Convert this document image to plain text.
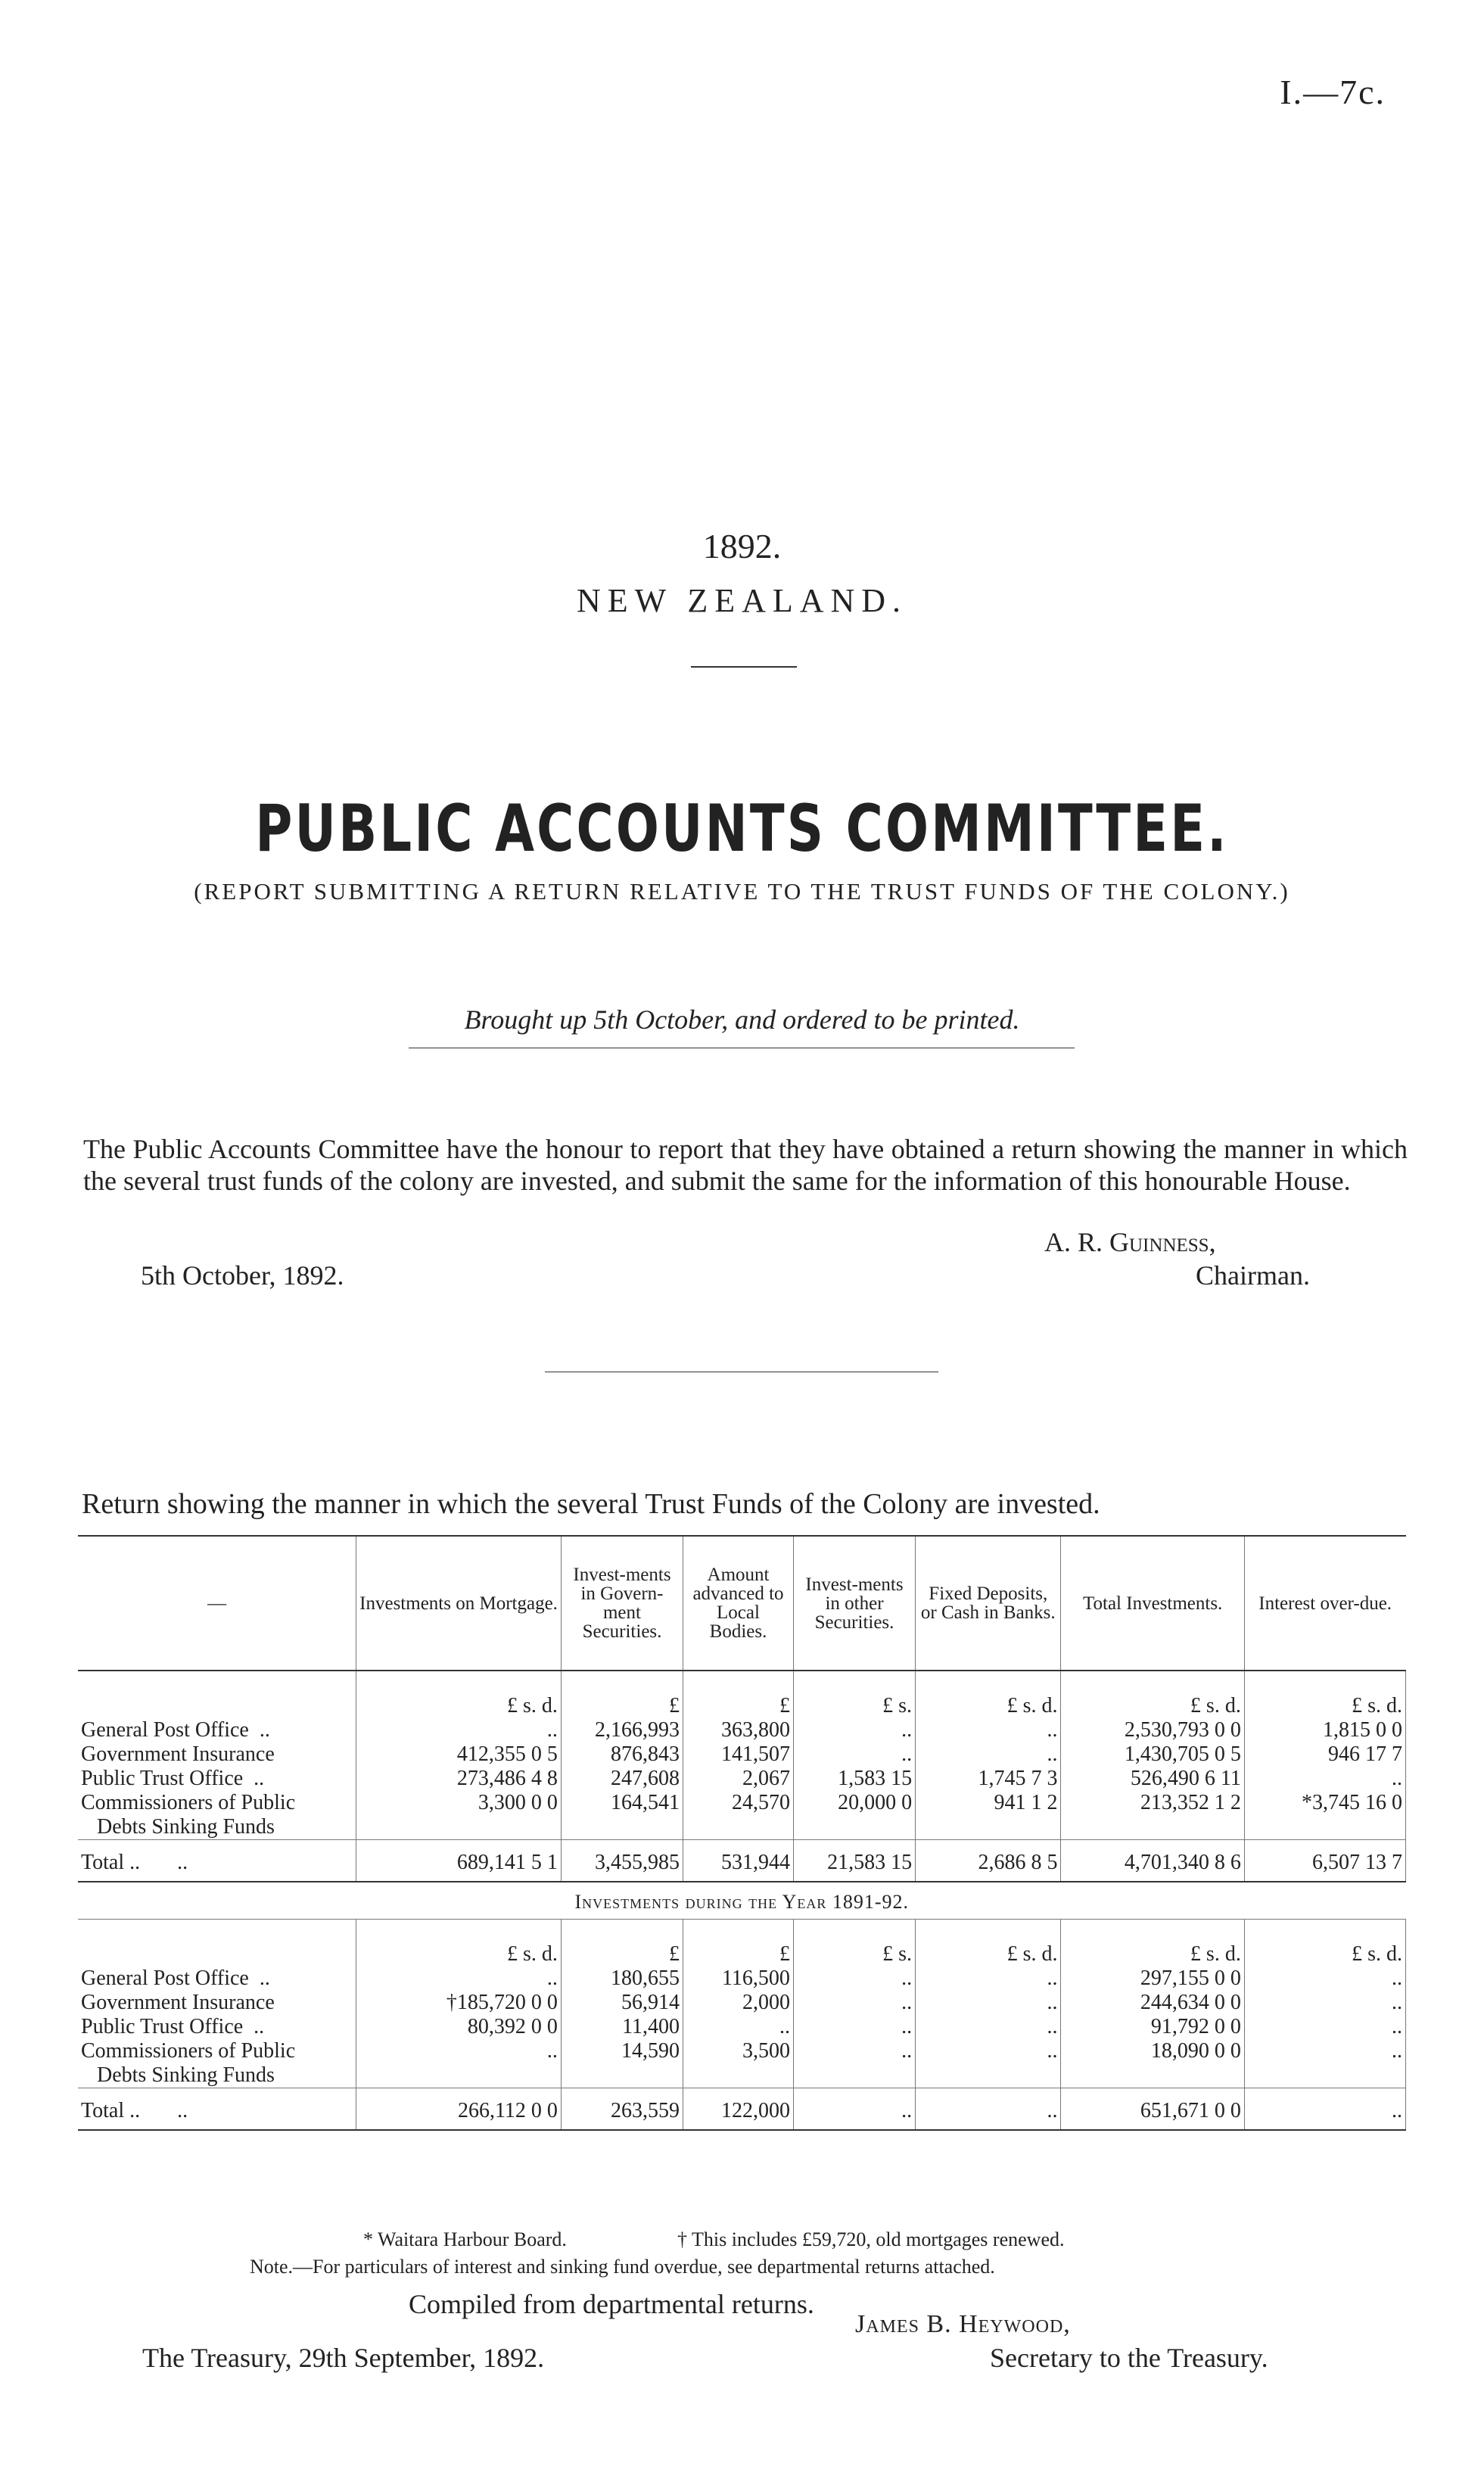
I.—7c.
1892.
NEW ZEALAND.
PUBLIC ACCOUNTS COMMITTEE.
(REPORT SUBMITTING A RETURN RELATIVE TO THE TRUST FUNDS OF THE COLONY.)
Brought up 5th October, and ordered to be printed.
The Public Accounts Committee have the honour to report that they have obtained a return showing the manner in which the several trust funds of the colony are invested, and submit the same for the information of this honourable House.
A. R. Guinness,
5th October, 1892.	Chairman.
Return showing the manner in which the several Trust Funds of the Colony are invested.
—	Investments on Mortgage.	Invest-ments in Govern-ment Securities.	Amount advanced to Local Bodies.	Invest-ments in other Securities.	Fixed Deposits, or Cash in Banks.	Total Investments.	Interest over-due.
	£ s. d.	£	£	£ s.	£ s. d.	£ s. d.	£ s. d.
General Post Office  ..	..	2,166,993	363,800	..	..	2,530,793 0 0	1,815 0 0
Government Insurance	412,355 0 5	876,843	141,507	..	..	1,430,705 0 5	946 17 7
Public Trust Office  ..	273,486 4 8	247,608	2,067	1,583 15	1,745 7 3	526,490 6 11	..
Commissioners of Public
Debts Sinking Funds	3,300 0 0	164,541	24,570	20,000 0	941 1 2	213,352 1 2	*3,745 16 0
Total ..       ..	689,141 5 1	3,455,985	531,944	21,583 15	2,686 8 5	4,701,340 8 6	6,507 13 7
Investments during the Year 1891-92.							
	£ s. d.	£	£	£ s.	£ s. d.	£ s. d.	£ s. d.
General Post Office  ..	..	180,655	116,500	..	..	297,155 0 0	..
Government Insurance	†185,720 0 0	56,914	2,000	..	..	244,634 0 0	..
Public Trust Office  ..	80,392 0 0	11,400	..	..	..	91,792 0 0	..
Commissioners of Public
Debts Sinking Funds	..	14,590	3,500	..	..	18,090 0 0	..
Total ..       ..	266,112 0 0	263,559	122,000	..	..	651,671 0 0	..
* Waitara Harbour Board.	† This includes £59,720, old mortgages renewed.
Note.—For particulars of interest and sinking fund overdue, see departmental returns attached.
Compiled from departmental returns.
James B. Heywood,
The Treasury, 29th September, 1892.	Secretary to the Treasury.
